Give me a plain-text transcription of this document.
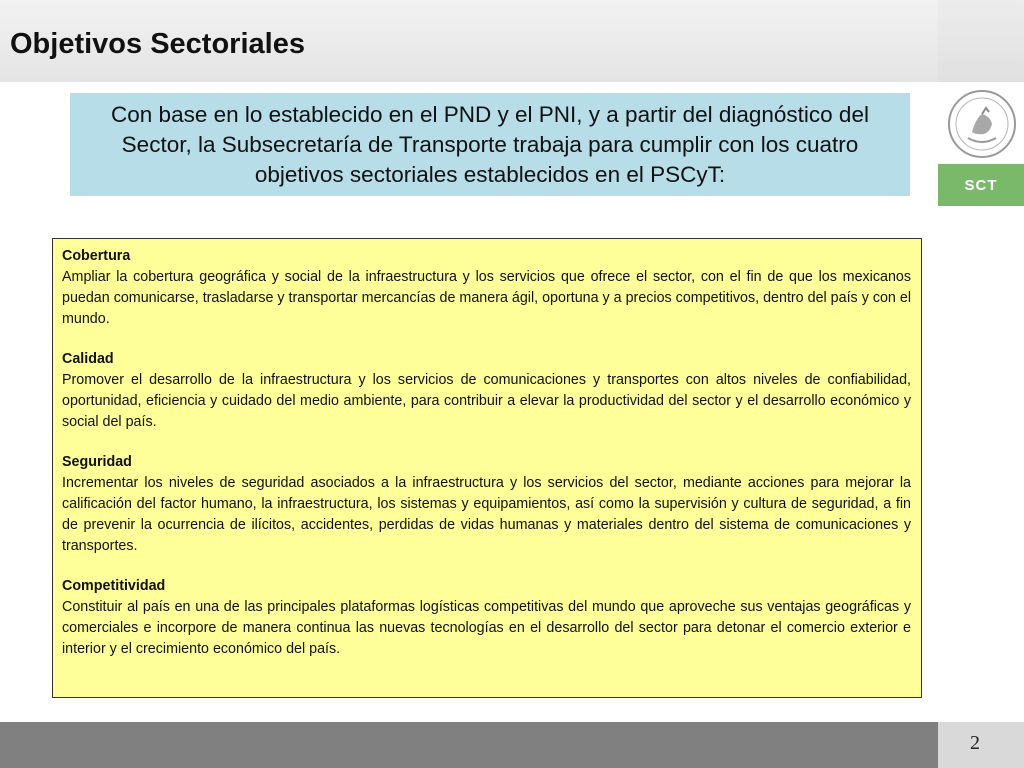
Objetivos Sectoriales
SCT
Con base en lo establecido en el PND y el PNI, y a partir del diagnóstico del Sector, la Subsecretaría de Transporte trabaja para cumplir con los cuatro objetivos sectoriales establecidos en el PSCyT:
Cobertura
Ampliar la cobertura geográfica y social de la infraestructura y los servicios que ofrece el sector, con el fin de que los mexicanos puedan comunicarse, trasladarse y transportar mercancías de manera ágil, oportuna y a precios competitivos, dentro del país y con el mundo.
Calidad
Promover el desarrollo de la infraestructura y los servicios de comunicaciones y transportes con altos niveles de confiabilidad, oportunidad, eficiencia y cuidado del medio ambiente, para contribuir a elevar la productividad del sector y el desarrollo económico y social del país.
Seguridad
Incrementar los niveles de seguridad asociados a la infraestructura y los servicios del sector, mediante acciones para mejorar la calificación del factor humano, la infraestructura, los sistemas y equipamientos, así como la supervisión y cultura de seguridad, a fin de prevenir la ocurrencia de ilícitos, accidentes, perdidas de vidas humanas y materiales dentro del sistema de comunicaciones y transportes.
Competitividad
Constituir al país en una de las principales plataformas logísticas competitivas del mundo que aproveche sus ventajas geográficas y comerciales e incorpore de manera continua las nuevas tecnologías en el desarrollo del sector para detonar el comercio exterior e interior y el crecimiento económico del país.
2
